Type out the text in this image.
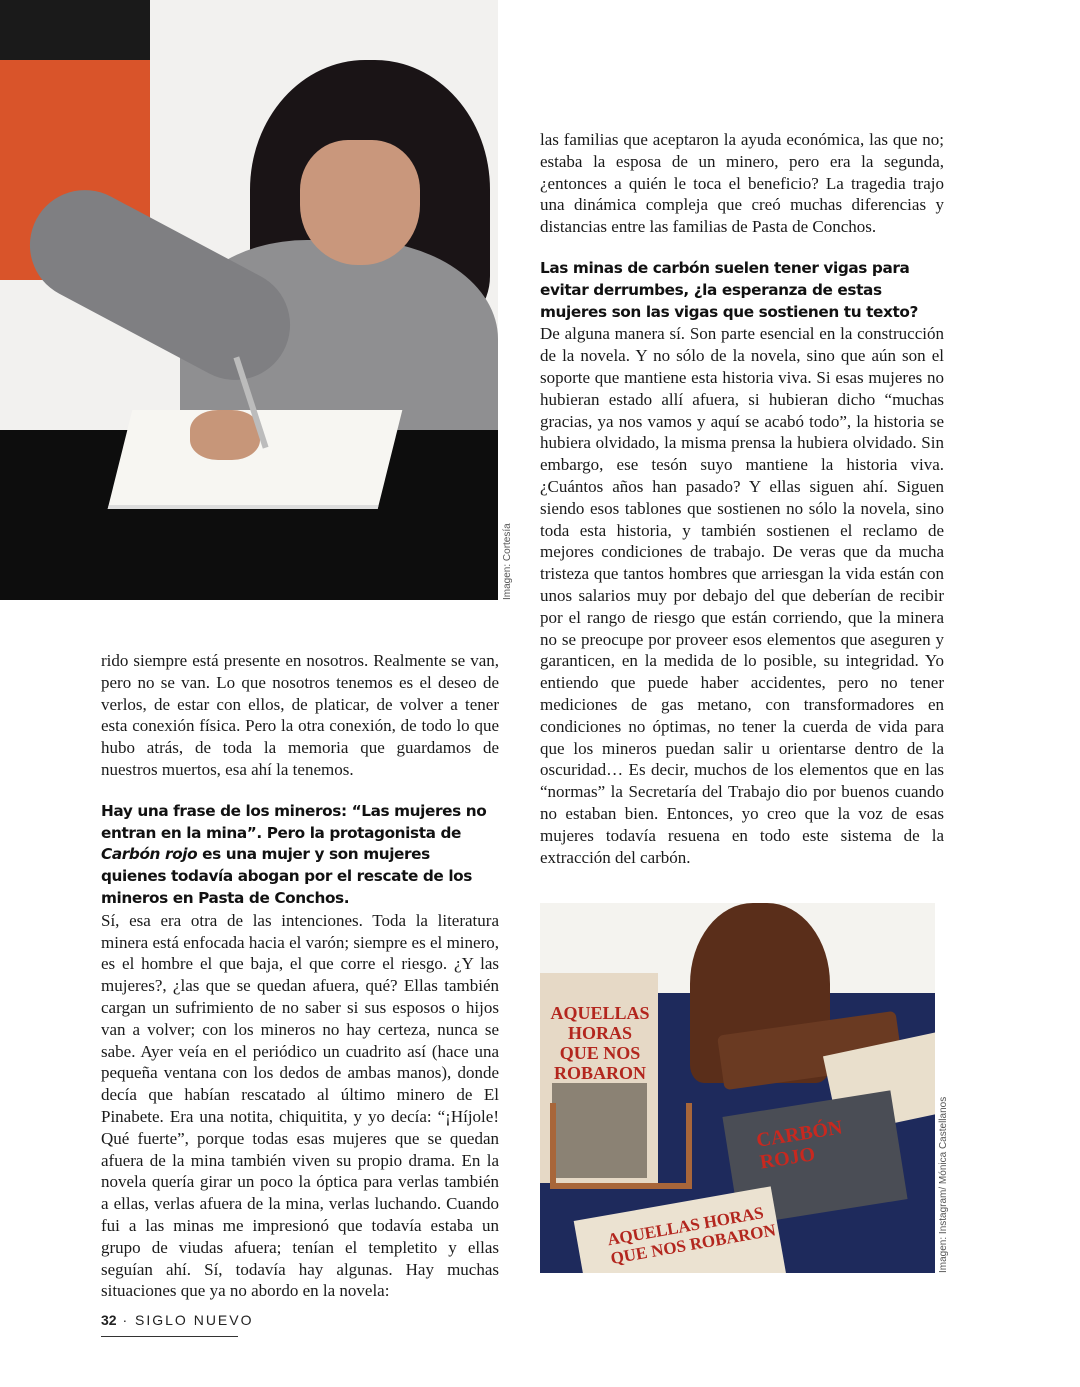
Imagen: Cortesía

rido siempre está presente en nosotros. Realmente se van, pero no se van. Lo que nosotros tenemos es el deseo de verlos, de estar con ellos, de platicar, de volver a tener esta conexión física. Pero la otra conexión, de todo lo que hubo atrás, de toda la memoria que guardamos de nuestros muertos, esa ahí la tenemos.

Hay una frase de los mineros: “Las mujeres no entran en la mina”. Pero la protagonista de Carbón rojo es una mujer y son mujeres quienes todavía abogan por el rescate de los mineros en Pasta de Conchos.

Sí, esa era otra de las intenciones. Toda la literatura minera está enfocada hacia el varón; siempre es el minero, es el hombre el que baja, el que corre el riesgo. ¿Y las mujeres?, ¿las que se quedan afuera, qué? Ellas también cargan un sufrimiento de no saber si sus esposos o hijos van a volver; con los mineros no hay certeza, nunca se sabe. Ayer veía en el periódico un cuadrito así (hace una pequeña ventana con los dedos de ambas manos), donde decía que habían rescatado al último minero de El Pinabete. Era una notita, chiquitita, y yo decía: “¡Híjole! Qué fuerte”, porque todas esas mujeres que se quedan afuera de la mina también viven su propio drama. En la novela quería girar un poco la óptica para verlas también a ellas, verlas afuera de la mina, verlas luchando. Cuando fui a las minas me impresionó que todavía estaba un grupo de viudas afuera; tenían el templetito y ellas seguían ahí. Sí, todavía hay algunas. Hay muchas situaciones que ya no abordo en la novela:

las familias que aceptaron la ayuda económica, las que no; estaba la esposa de un minero, pero era la segunda, ¿entonces a quién le toca el beneficio? La tragedia trajo una dinámica compleja que creó muchas diferencias y distancias entre las familias de Pasta de Conchos.

Las minas de carbón suelen tener vigas para evitar derrumbes, ¿la esperanza de estas mujeres son las vigas que sostienen tu texto?

De alguna manera sí. Son parte esencial en la construcción de la novela. Y no sólo de la novela, sino que aún son el soporte que mantiene esta historia viva. Si esas mujeres no hubieran estado allí afuera, si hubieran dicho “muchas gracias, ya nos vamos y aquí se acabó todo”, la historia se hubiera olvidado, la misma prensa la hubiera olvidado. Sin embargo, ese tesón suyo mantiene la historia viva. ¿Cuántos años han pasado? Y ellas siguen ahí. Siguen siendo esos tablones que sostienen no sólo la novela, sino toda esta historia, y también sostienen el reclamo de mejores condiciones de trabajo. De veras que da mucha tristeza que tantos hombres que arriesgan la vida están con unos salarios muy por debajo del que deberían de recibir por el rango de riesgo que están corriendo, que la minera no se preocupe por proveer esos elementos que aseguren y garanticen, en la medida de lo posible, su integridad. Yo entiendo que puede haber accidentes, pero no tener mediciones de gas metano, con transformadores en condiciones no óptimas, no tener la cuerda de vida para que los mineros puedan salir u orientarse dentro de la oscuridad… Es decir, muchos de los elementos que en las “normas” la Secretaría del Trabajo dio por buenos cuando no estaban bien. Entonces, yo creo que la voz de esas mujeres todavía resuena en todo este sistema de la extracción del carbón.

AQUELLAS HORAS QUE NOS ROBARON
CARBÓN ROJO
AQUELLAS HORAS QUE NOS ROBARON	Imagen: Instagram/ Mónica Castellanos
32 · SIGLO NUEVO
